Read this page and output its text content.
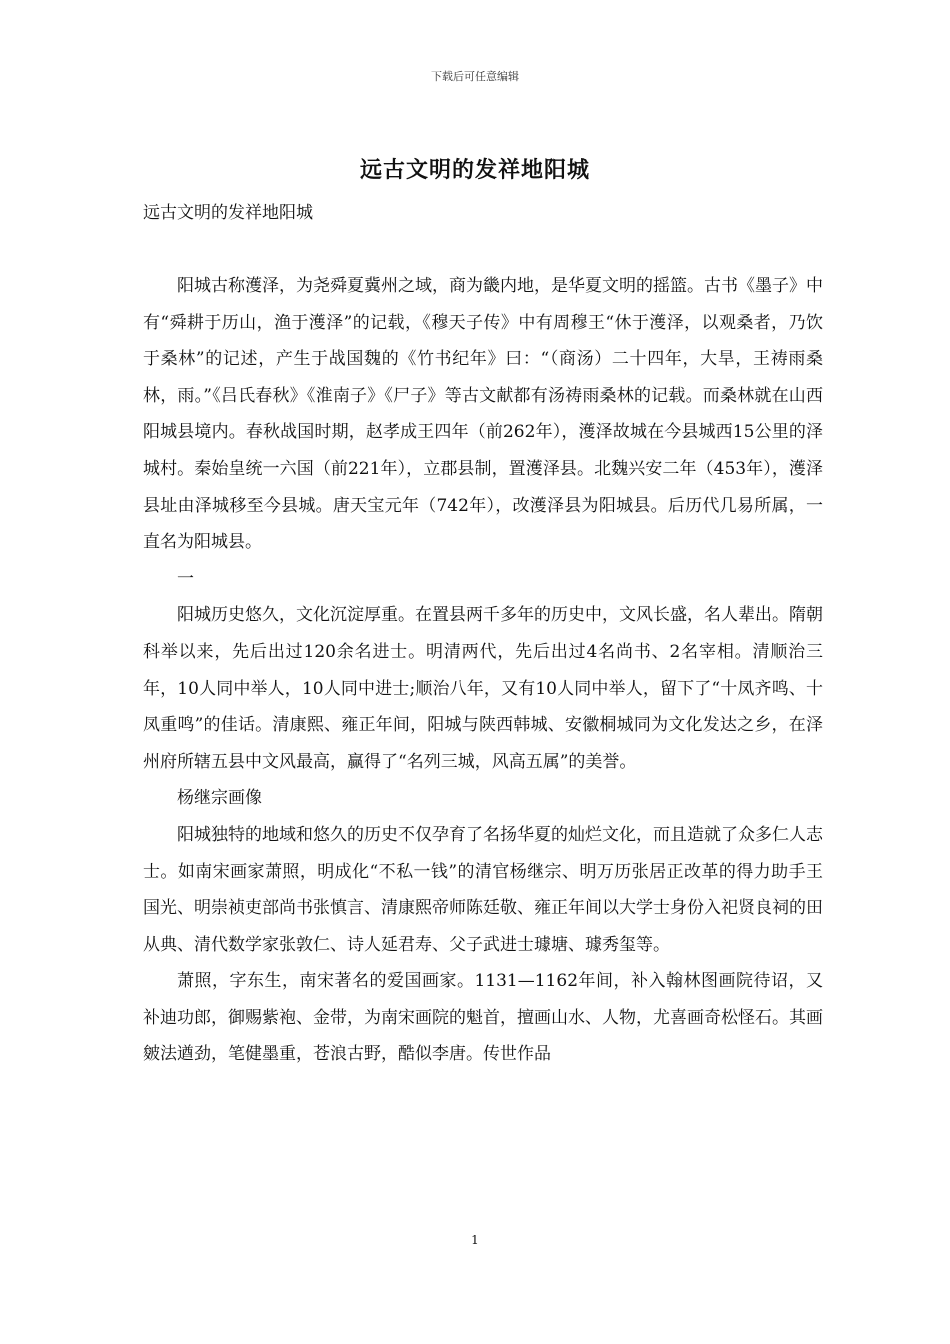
下载后可任意编辑
远古文明的发祥地阳城
远古文明的发祥地阳城

阳城古称濩泽，为尧舜夏冀州之域，商为畿内地，是华夏文明的摇篮。古书《墨子》中有“舜耕于历山，渔于濩泽”的记载，《穆天子传》中有周穆王“休于濩泽，以观桑者，乃饮于桑林”的记述，产生于战国魏的《竹书纪年》曰：“（商汤）二十四年，大旱，王祷雨桑林，雨。”《吕氏春秋》《淮南子》《尸子》等古文献都有汤祷雨桑林的记载。而桑林就在山西阳城县境内。春秋战国时期，赵孝成王四年（前262年），濩泽故城在今县城西15公里的泽城村。秦始皇统一六国（前221年），立郡县制，置濩泽县。北魏兴安二年（453年），濩泽县址由泽城移至今县城。唐天宝元年（742年），改濩泽县为阳城县。后历代几易所属，一直名为阳城县。

一

阳城历史悠久，文化沉淀厚重。在置县两千多年的历史中，文风长盛，名人辈出。隋朝科举以来，先后出过120余名进士。明清两代，先后出过4名尚书、2名宰相。清顺治三年，10人同中举人，10人同中进士;顺治八年，又有10人同中举人，留下了“十凤齐鸣、十凤重鸣”的佳话。清康熙、雍正年间，阳城与陕西韩城、安徽桐城同为文化发达之乡，在泽州府所辖五县中文风最高，赢得了“名列三城，风高五属”的美誉。

杨继宗画像

阳城独特的地域和悠久的历史不仅孕育了名扬华夏的灿烂文化，而且造就了众多仁人志士。如南宋画家萧照，明成化“不私一钱”的清官杨继宗、明万历张居正改革的得力助手王国光、明崇祯吏部尚书张慎言、清康熙帝师陈廷敬、雍正年间以大学士身份入祀贤良祠的田从典、清代数学家张敦仁、诗人延君寿、父子武进士璩塘、璩秀玺等。

萧照，字东生，南宋著名的爱国画家。1131—1162年间，补入翰林图画院待诏，又补迪功郎，御赐紫袍、金带，为南宋画院的魁首，擅画山水、人物，尤喜画奇松怪石。其画皴法遒劲，笔健墨重，苍浪古野，酷似李唐。传世作品

1
